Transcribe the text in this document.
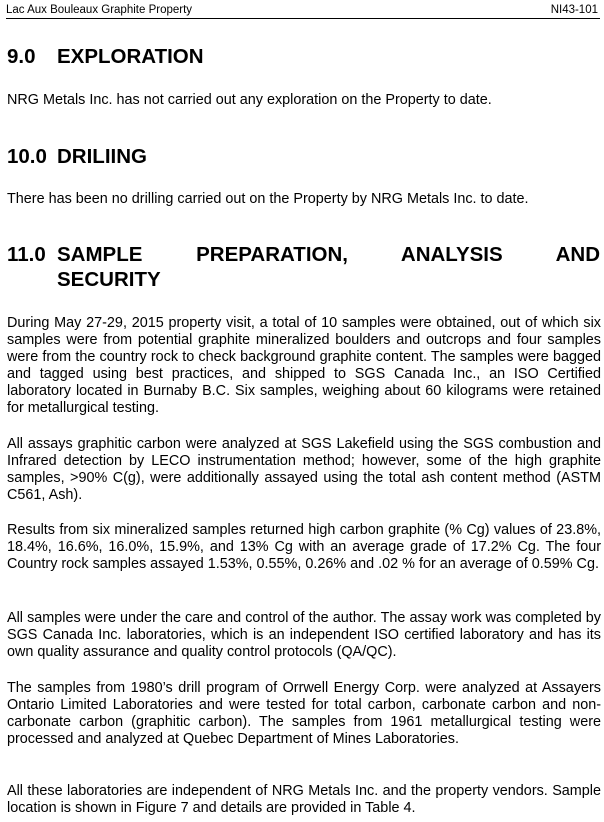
Lac Aux Bouleaux Graphite Property	NI43-101
9.0 EXPLORATION

NRG Metals Inc. has not carried out any exploration on the Property to date.

10.0 DRILIING

There has been no drilling carried out on the Property by NRG Metals Inc. to date.

11.0 SAMPLE PREPARATION, ANALYSIS AND
SECURITY

During May 27-29, 2015 property visit, a total of 10 samples were obtained, out of which six samples were from potential graphite mineralized boulders and outcrops and four samples were from the country rock to check background graphite content. The samples were bagged and tagged using best practices, and shipped to SGS Canada Inc., an ISO Certified laboratory located in Burnaby B.C. Six samples, weighing about 60 kilograms were retained for metallurgical testing.

All assays graphitic carbon were analyzed at SGS Lakefield using the SGS combustion and Infrared detection by LECO instrumentation method; however, some of the high graphite samples, >90% C(g), were additionally assayed using the total ash content method (ASTM C561, Ash).

Results from six mineralized samples returned high carbon graphite (% Cg) values of 23.8%, 18.4%, 16.6%, 16.0%, 15.9%, and 13% Cg with an average grade of 17.2% Cg. The four Country rock samples assayed 1.53%, 0.55%, 0.26% and .02 % for an average of 0.59% Cg.

All samples were under the care and control of the author. The assay work was completed by SGS Canada Inc. laboratories, which is an independent ISO certified laboratory and has its own quality assurance and quality control protocols (QA/QC).

The samples from 1980’s drill program of Orrwell Energy Corp. were analyzed at Assayers Ontario Limited Laboratories and were tested for total carbon, carbonate carbon and non-carbonate carbon (graphitic carbon). The samples from 1961 metallurgical testing were processed and analyzed at Quebec Department of Mines Laboratories.

All these laboratories are independent of NRG Metals Inc. and the property vendors. Sample location is shown in Figure 7 and details are provided in Table 4.
